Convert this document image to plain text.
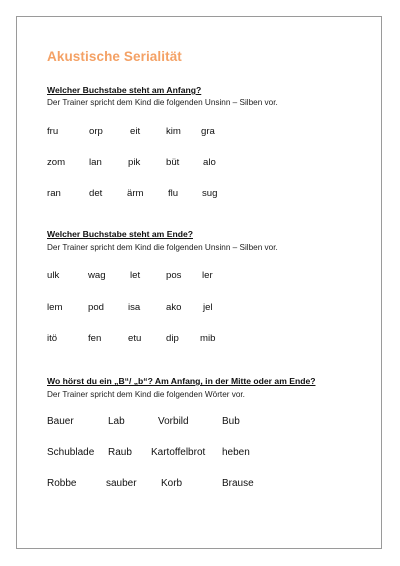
Akustische Serialität

Welcher Buchstabe steht am Anfang?

Der Trainer spricht dem Kind die folgenden Unsinn – Silben vor.

fru	orp	eit	kim gra
zom lan	pik	büt alo
ran	det	ärm	flu sug

Welcher Buchstabe steht am Ende?

Der Trainer spricht dem Kind die folgenden Unsinn – Silben vor.

ulk	wag	let	pos ler
lem	pod isa	ako jel
itö	fen	etu	dip mib

Wo hörst du ein „B“/ „b“? Am Anfang, in der Mitte oder am Ende?

Der Trainer spricht dem Kind die folgenden Wörter vor.

Bauer	Lab	Vorbild	Bub
Schublade Raub Kartoffelbrot heben
Robbe	sauber Korb	Brause
